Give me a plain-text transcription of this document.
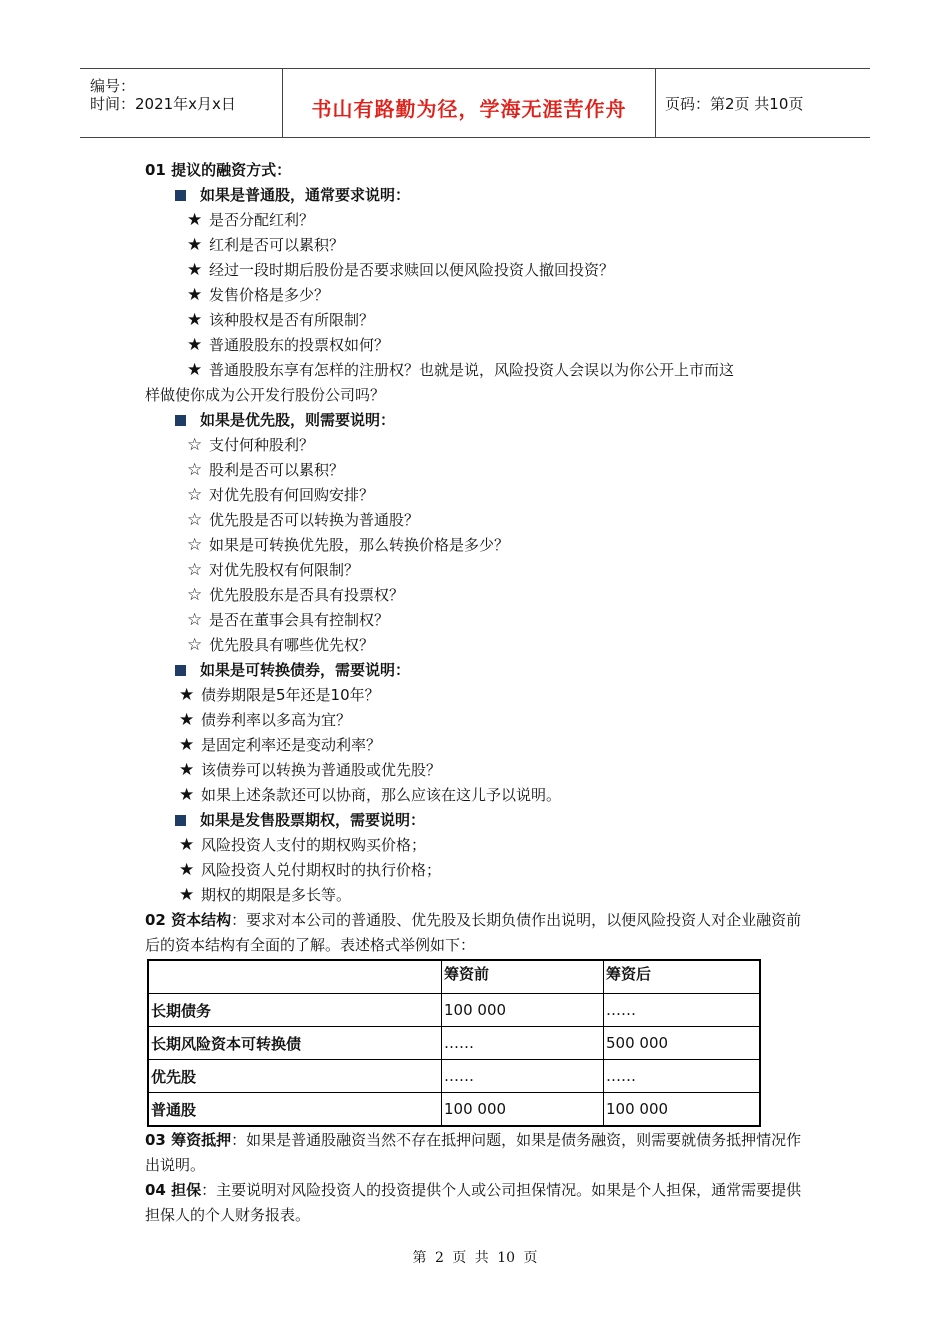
编号：
时间：2021年x月x日	书山有路勤为径，学海无涯苦作舟	页码：第2页 共10页
01 提议的融资方式：
如果是普通股，通常要求说明：
★ 是否分配红利？
★ 红利是否可以累积？
★ 经过一段时期后股份是否要求赎回以便风险投资人撤回投资？
★ 发售价格是多少？
★ 该种股权是否有所限制？
★ 普通股股东的投票权如何？
★ 普通股股东享有怎样的注册权？也就是说，风险投资人会误以为你公开上市而这
样做使你成为公开发行股份公司吗？
如果是优先股，则需要说明：
☆ 支付何种股利？
☆ 股利是否可以累积？
☆ 对优先股有何回购安排？
☆ 优先股是否可以转换为普通股？
☆ 如果是可转换优先股，那么转换价格是多少？
☆ 对优先股权有何限制？
☆ 优先股股东是否具有投票权？
☆ 是否在董事会具有控制权？
☆ 优先股具有哪些优先权？
如果是可转换债券，需要说明：
★ 债券期限是5年还是10年？
★ 债券利率以多高为宜？
★ 是固定利率还是变动利率？
★ 该债券可以转换为普通股或优先股？
★ 如果上述条款还可以协商，那么应该在这儿予以说明。
如果是发售股票期权，需要说明：
★ 风险投资人支付的期权购买价格；
★ 风险投资人兑付期权时的执行价格；
★ 期权的期限是多长等。
02 资本结构：要求对本公司的普通股、优先股及长期负债作出说明，以便风险投资人对企业融资前后的资本结构有全面的了解。表述格式举例如下：
	筹资前	筹资后
长期债务	100 000	……
长期风险资本可转换债	……	500 000
优先股	……	……
普通股	100 000	100 000
03 筹资抵押：如果是普通股融资当然不存在抵押问题，如果是债务融资，则需要就债务抵押情况作出说明。
04 担保：主要说明对风险投资人的投资提供个人或公司担保情况。如果是个人担保，通常需要提供担保人的个人财务报表。
第 2 页 共 10 页
